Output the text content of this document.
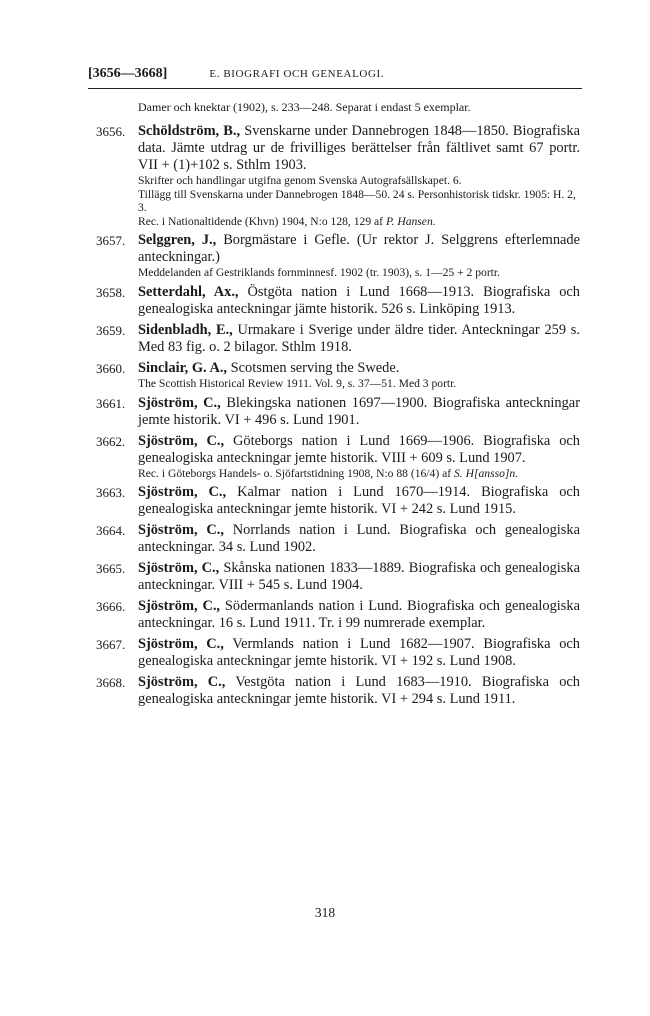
[3656—3668]	E. BIOGRAFI OCH GENEALOGI.
Damer och knektar (1902), s. 233—248. Separat i endast 5 exemplar.
3656. Schöldström, B., Svenskarne under Dannebrogen 1848—1850. Biografiska data. Jämte utdrag ur de frivilliges berättelser från fältlivet samt 67 portr. VII + (1)+102 s. Sthlm 1903.
Skrifter och handlingar utgifna genom Svenska Autografsällskapet. 6.
Tillägg till Svenskarna under Dannebrogen 1848—50. 24 s. Personhistorisk tidskr. 1905: H. 2, 3.
Rec. i Nationaltidende (Khvn) 1904, N:o 128, 129 af P. Hansen.
3657. Selggren, J., Borgmästare i Gefle. (Ur rektor J. Selggrens efterlemnade anteckningar.)
Meddelanden af Gestriklands fornminnesf. 1902 (tr. 1903), s. 1—25 + 2 portr.
3658. Setterdahl, Ax., Östgöta nation i Lund 1668—1913. Biografiska och genealogiska anteckningar jämte historik. 526 s. Linköping 1913.
3659. Sidenbladh, E., Urmakare i Sverige under äldre tider. Anteckningar 259 s. Med 83 fig. o. 2 bilagor. Sthlm 1918.
3660. Sinclair, G. A., Scotsmen serving the Swede.
The Scottish Historical Review 1911. Vol. 9, s. 37—51. Med 3 portr.
3661. Sjöström, C., Blekingska nationen 1697—1900. Biografiska anteckningar jemte historik. VI + 496 s. Lund 1901.
3662. Sjöström, C., Göteborgs nation i Lund 1669—1906. Biografiska och genealogiska anteckningar jemte historik. VIII + 609 s. Lund 1907.
Rec. i Göteborgs Handels- o. Sjöfartstidning 1908, N:o 88 (16/4) af S. H[ansso]n.
3663. Sjöström, C., Kalmar nation i Lund 1670—1914. Biografiska och genealogiska anteckningar jemte historik. VI + 242 s. Lund 1915.
3664. Sjöström, C., Norrlands nation i Lund. Biografiska och genealogiska anteckningar. 34 s. Lund 1902.
3665. Sjöström, C., Skånska nationen 1833—1889. Biografiska och genealogiska anteckningar. VIII + 545 s. Lund 1904.
3666. Sjöström, C., Södermanlands nation i Lund. Biografiska och genealogiska anteckningar. 16 s. Lund 1911. Tr. i 99 numrerade exemplar.
3667. Sjöström, C., Vermlands nation i Lund 1682—1907. Biografiska och genealogiska anteckningar jemte historik. VI + 192 s. Lund 1908.
3668. Sjöström, C., Vestgöta nation i Lund 1683—1910. Biografiska och genealogiska anteckningar jemte historik. VI + 294 s. Lund 1911.
318
